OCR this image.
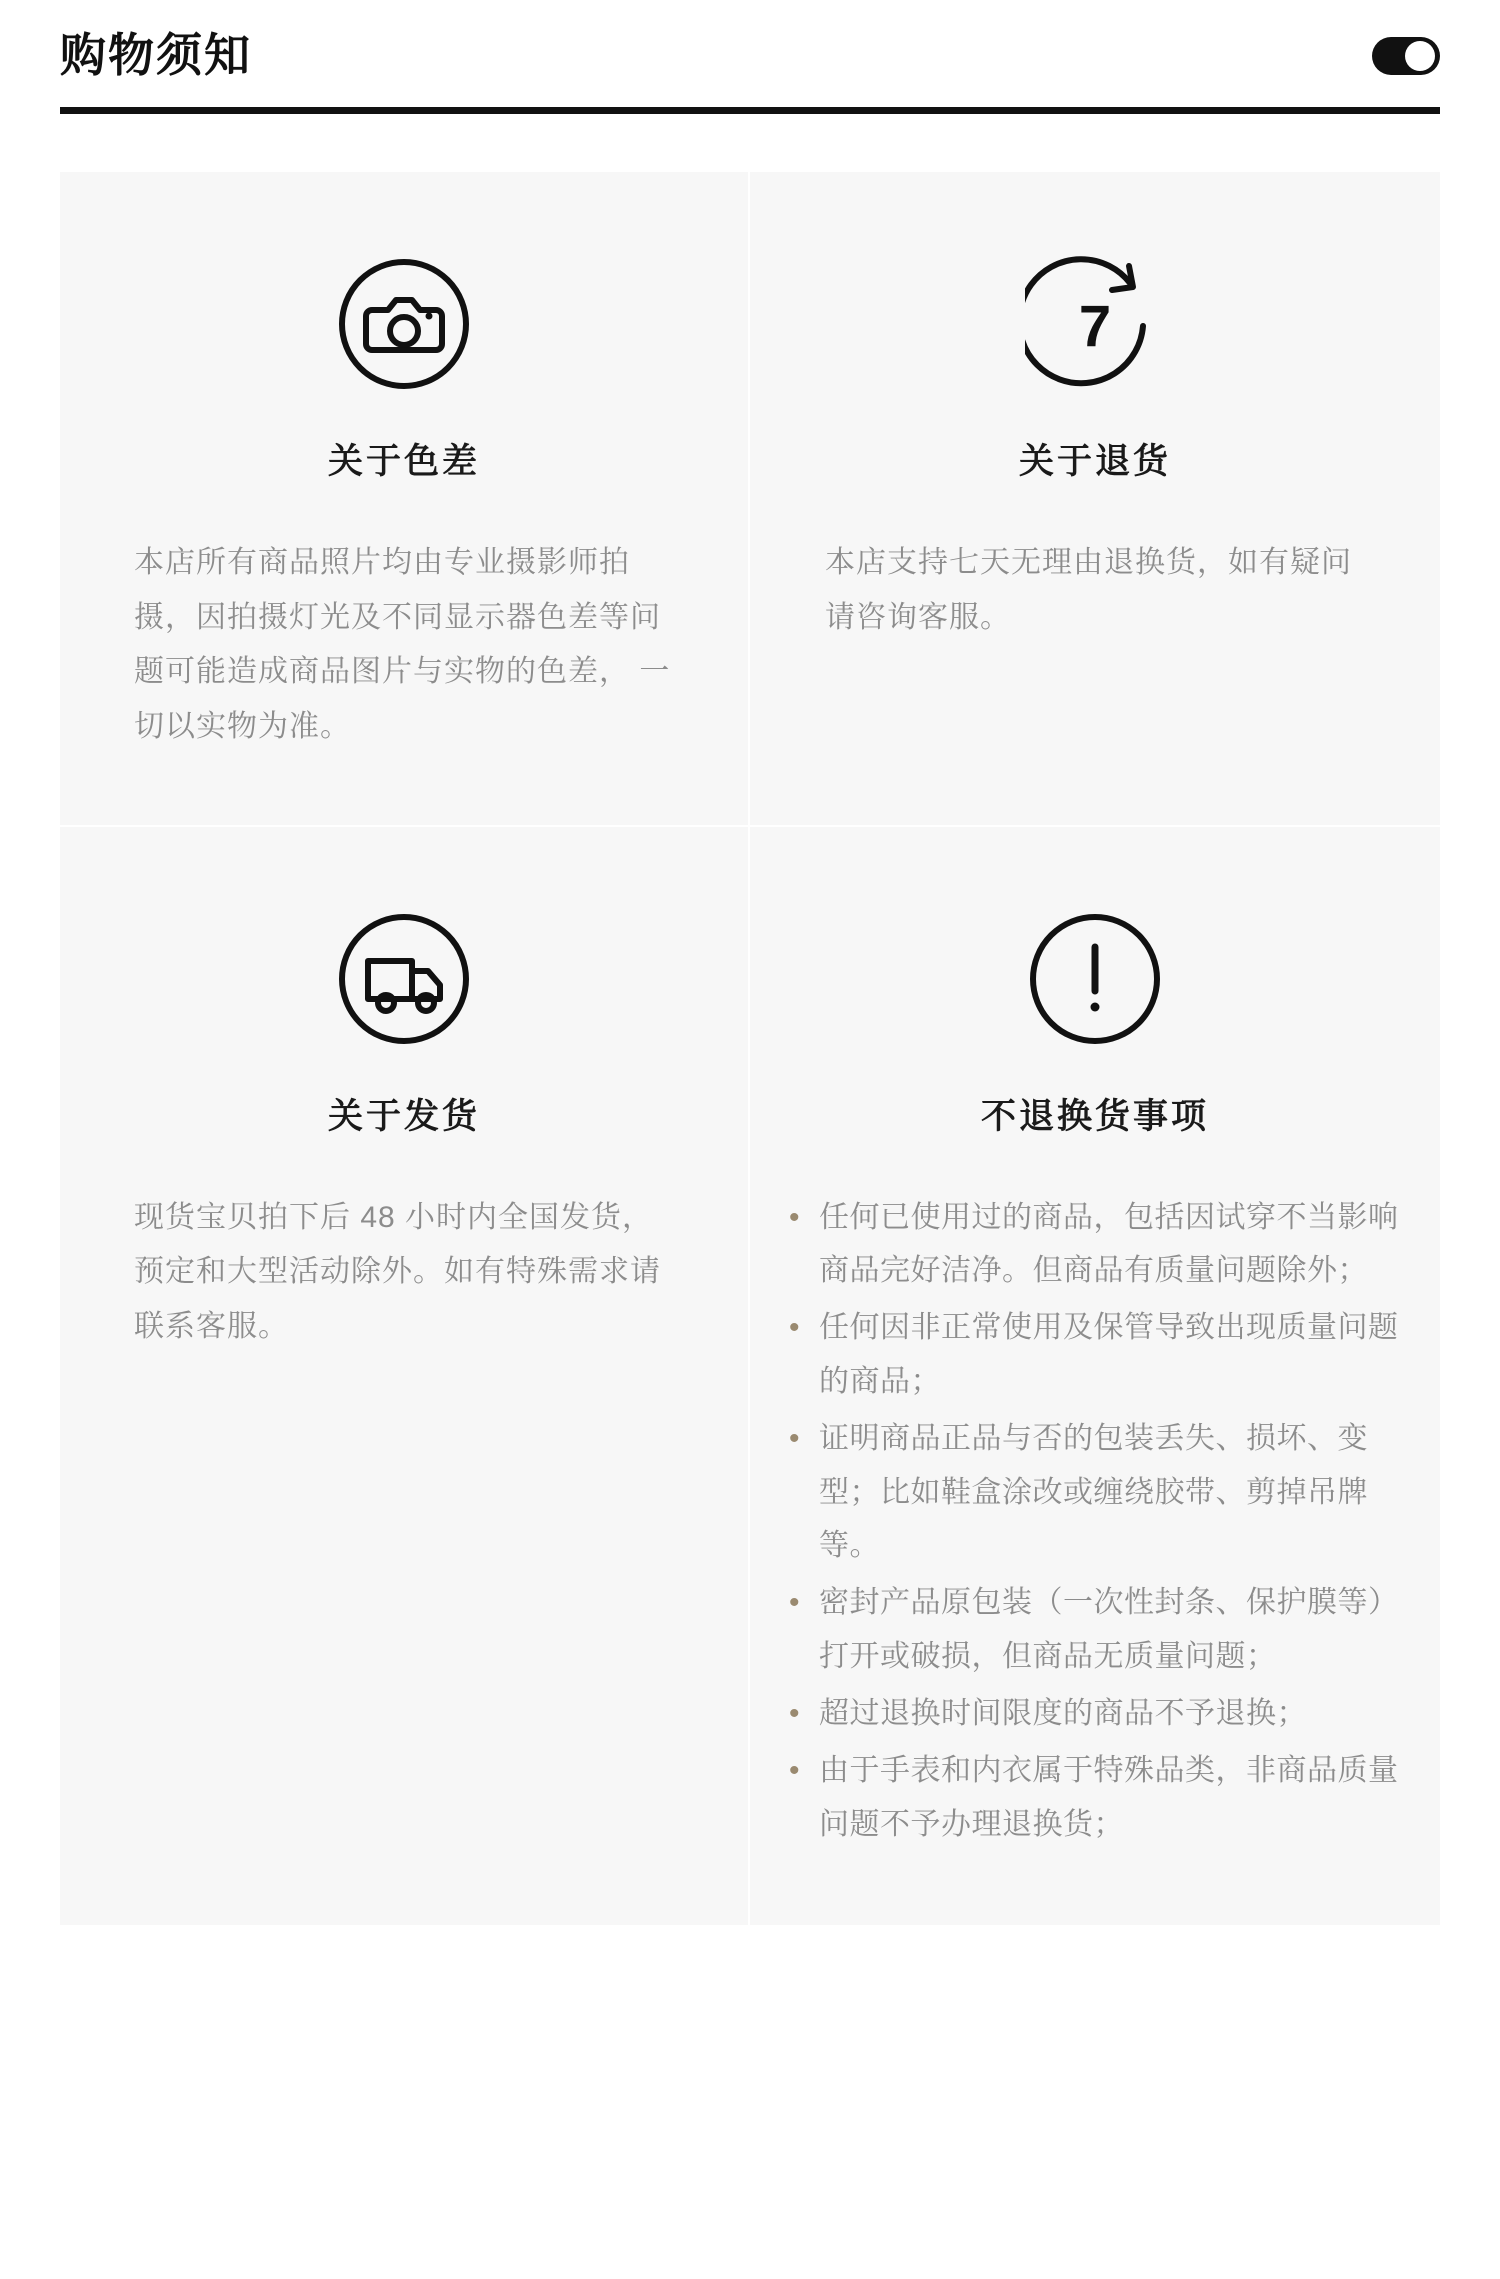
购物须知
关于色差
本店所有商品照片均由专业摄影师拍摄，因拍摄灯光及不同显示器色差等问题可能造成商品图片与实物的色差， 一切以实物为准。
7
关于退货
本店支持七天无理由退换货，如有疑问请咨询客服。
关于发货
现货宝贝拍下后 48 小时内全国发货，预定和大型活动除外。如有特殊需求请联系客服。
不退换货事项
• 任何已使用过的商品，包括因试穿不当影响商品完好洁净。但商品有质量问题除外；
• 任何因非正常使用及保管导致出现质量问题的商品；
• 证明商品正品与否的包装丢失、损坏、变型；比如鞋盒涂改或缠绕胶带、剪掉吊牌等。
• 密封产品原包装（一次性封条、保护膜等）打开或破损，但商品无质量问题；
• 超过退换时间限度的商品不予退换；
• 由于手表和内衣属于特殊品类，非商品质量问题不予办理退换货；
